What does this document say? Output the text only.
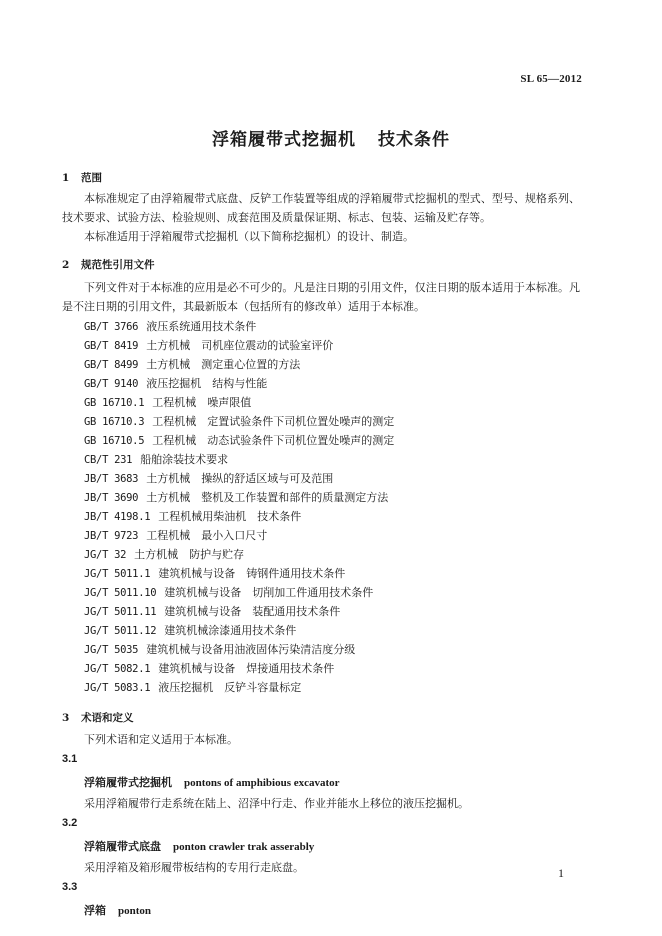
SL 65—2012
浮箱履带式挖掘机 技术条件
1 范围
本标准规定了由浮箱履带式底盘、反铲工作装置等组成的浮箱履带式挖掘机的型式、型号、规格系列、技术要求、试验方法、检验规则、成套范围及质量保证期、标志、包装、运输及贮存等。
本标准适用于浮箱履带式挖掘机（以下简称挖掘机）的设计、制造。
2 规范性引用文件
下列文件对于本标准的应用是必不可少的。凡是注日期的引用文件，仅注日期的版本适用于本标准。凡是不注日期的引用文件，其最新版本（包括所有的修改单）适用于本标准。
GB/T 3766 液压系统通用技术条件
GB/T 8419 土方机械　司机座位震动的试验室评价
GB/T 8499 土方机械　测定重心位置的方法
GB/T 9140 液压挖掘机　结构与性能
GB 16710.1 工程机械　噪声限值
GB 16710.3 工程机械　定置试验条件下司机位置处噪声的测定
GB 16710.5 工程机械　动态试验条件下司机位置处噪声的测定
CB/T 231 船舶涂装技术要求
JB/T 3683 土方机械　操纵的舒适区域与可及范围
JB/T 3690 土方机械　整机及工作装置和部件的质量测定方法
JB/T 4198.1 工程机械用柴油机　技术条件
JB/T 9723 工程机械　最小入口尺寸
JG/T 32 土方机械　防护与贮存
JG/T 5011.1 建筑机械与设备　铸钢件通用技术条件
JG/T 5011.10 建筑机械与设备　切削加工件通用技术条件
JG/T 5011.11 建筑机械与设备　装配通用技术条件
JG/T 5011.12 建筑机械涂漆通用技术条件
JG/T 5035 建筑机械与设备用油液固体污染清洁度分级
JG/T 5082.1 建筑机械与设备　焊接通用技术条件
JG/T 5083.1 液压挖掘机　反铲斗容量标定
3 术语和定义
下列术语和定义适用于本标准。
3.1
浮箱履带式挖掘机 pontons of amphibious excavator
采用浮箱履带行走系统在陆上、沼泽中行走、作业并能水上移位的液压挖掘机。
3.2
浮箱履带式底盘 ponton crawler trak asserably
采用浮箱及箱形履带板结构的专用行走底盘。
3.3
浮箱 ponton
1
